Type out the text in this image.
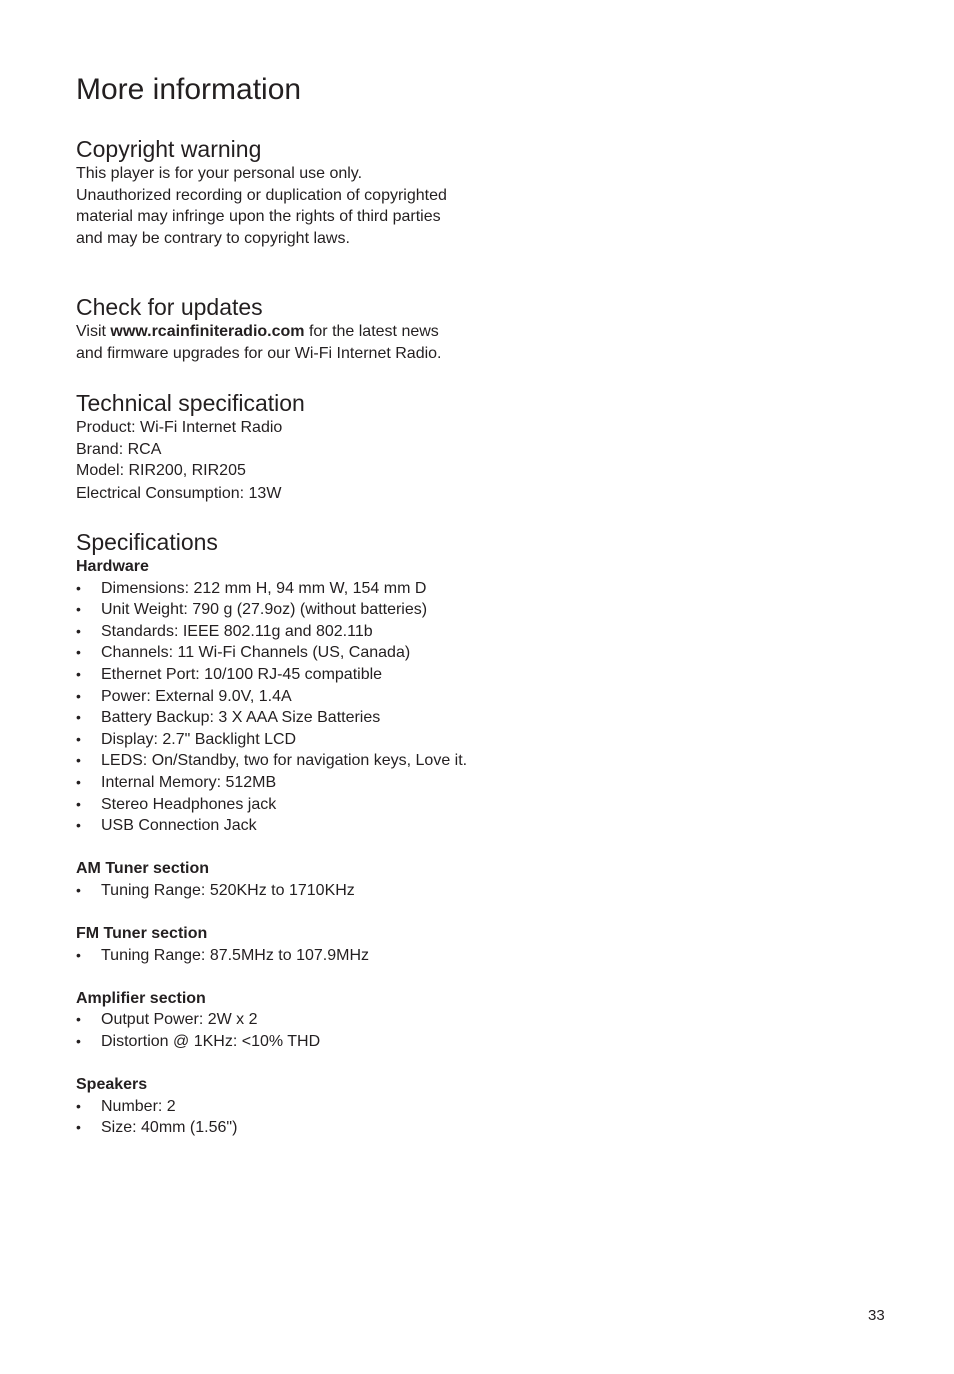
More information
Copyright warning

This player is for your personal use only. Unauthorized recording or duplication of copyrighted material may infringe upon the rights of third parties and may be contrary to copyright laws.

Check for updates

Visit www.rcainfiniteradio.com for the latest news and firmware upgrades for our Wi-Fi Internet Radio.

Technical specification
Product: Wi-Fi Internet Radio
Brand: RCA
Model: RIR200, RIR205
Electrical Consumption: 13W
Specifications
Hardware
•	Dimensions: 212 mm H, 94 mm W, 154 mm D
•	Unit Weight: 790 g (27.9oz) (without batteries)
•	Standards: IEEE 802.11g and 802.11b
•	Channels: 11 Wi-Fi Channels (US, Canada)
•	Ethernet Port: 10/100 RJ-45 compatible
•	Power: External 9.0V, 1.4A
•	Battery Backup: 3 X AAA Size Batteries
•	Display: 2.7" Backlight LCD
•	LEDS: On/Standby, two for navigation keys, Love it.
•	Internal Memory: 512MB
•	Stereo Headphones jack
•	USB Connection Jack
AM Tuner section
•	Tuning Range: 520KHz to 1710KHz
FM Tuner section
•	Tuning Range: 87.5MHz to 107.9MHz
Amplifier section
•	Output Power: 2W x 2
•	Distortion @ 1KHz: <10% THD
Speakers
•	Number: 2
•	Size: 40mm (1.56")
33
